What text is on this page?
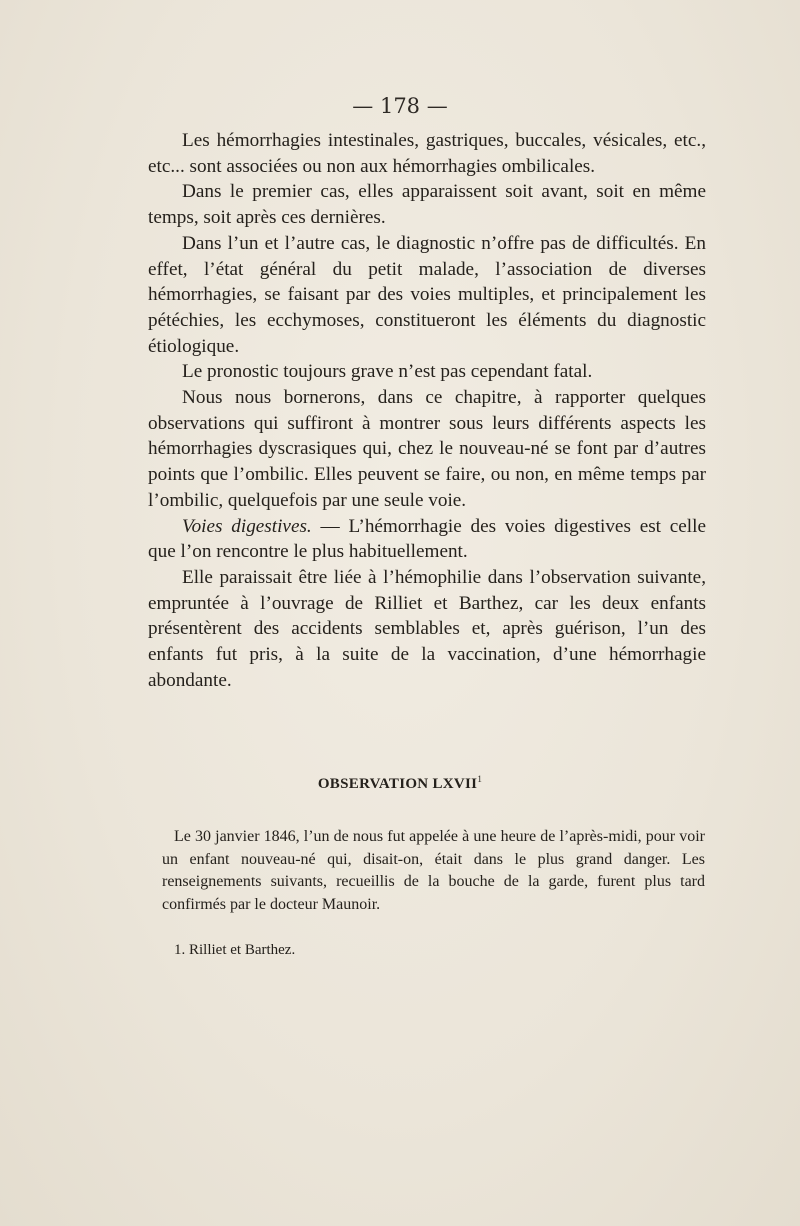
— 178 —

Les hémorrhagies intestinales, gastriques, buccales, vésicales, etc., etc... sont associées ou non aux hémorrhagies ombilicales.

Dans le premier cas, elles apparaissent soit avant, soit en même temps, soit après ces dernières.

Dans l’un et l’autre cas, le diagnostic n’offre pas de difficultés. En effet, l’état général du petit malade, l’association de diverses hémorrhagies, se faisant par des voies multiples, et principalement les pétéchies, les ecchymoses, constitueront les éléments du diagnostic étiologique.

Le pronostic toujours grave n’est pas cependant fatal.

Nous nous bornerons, dans ce chapitre, à rapporter quelques observations qui suffiront à montrer sous leurs différents aspects les hémorrhagies dyscrasiques qui, chez le nouveau-né se font par d’autres points que l’ombilic. Elles peuvent se faire, ou non, en même temps par l’ombilic, quelquefois par une seule voie.

Voies digestives. — L’hémorrhagie des voies digestives est celle que l’on rencontre le plus habituellement.

Elle paraissait être liée à l’hémophilie dans l’observation suivante, empruntée à l’ouvrage de Rilliet et Barthez, car les deux enfants présentèrent des accidents semblables et, après guérison, l’un des enfants fut pris, à la suite de la vaccination, d’une hémorrhagie abondante.

OBSERVATION LXVII$^1$

Le 30 janvier 1846, l’un de nous fut appelée à une heure de l’après-midi, pour voir un enfant nouveau-né qui, disait-on, était dans le plus grand danger. Les renseignements suivants, recueillis de la bouche de la garde, furent plus tard confirmés par le docteur Maunoir.

1. Rilliet et Barthez.
